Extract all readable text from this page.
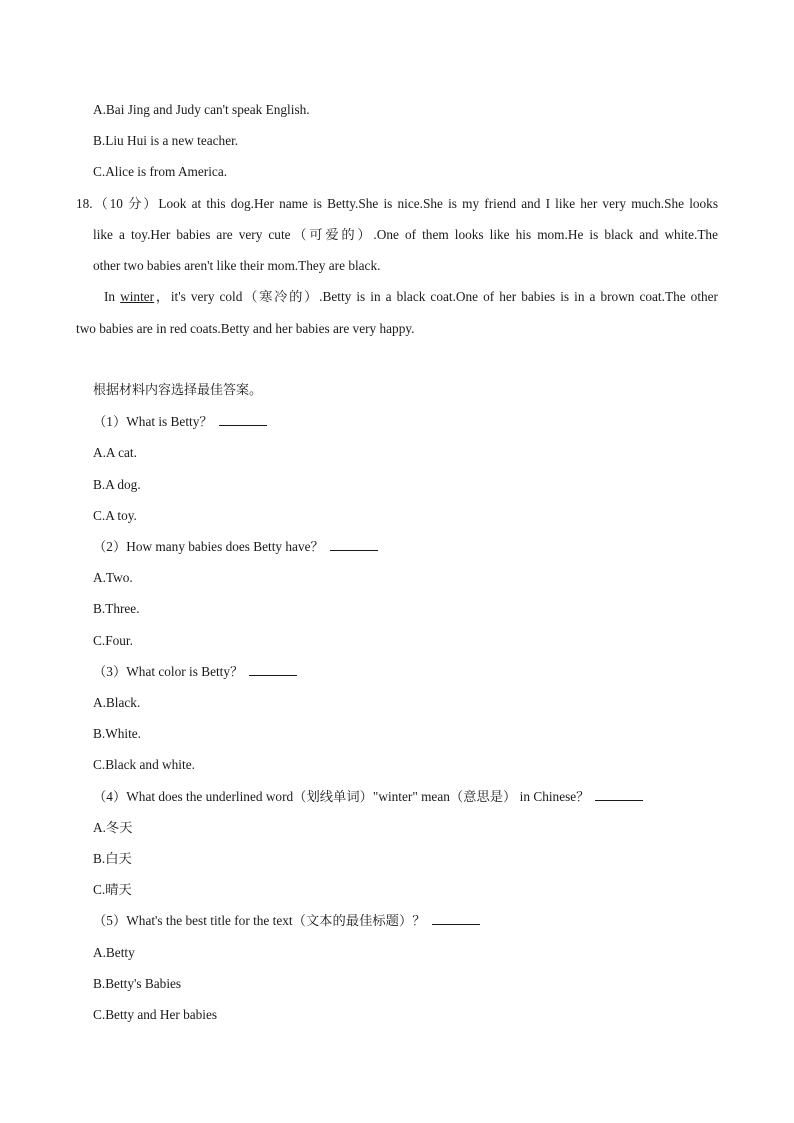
A.Bai Jing and Judy can't speak English.
B.Liu Hui is a new teacher.
C.Alice is from America.
18.（10 分）Look at this dog.Her name is Betty.She is nice.She is my friend and I like her very much.She looks
like a toy.Her babies are very cute（可爱的）.One of them looks like his mom.He is black and white.The
other two babies aren't like their mom.They are black.
In winter，it's very cold（寒冷的）.Betty is in a black coat.One of her babies is in a brown coat.The other
two babies are in red coats.Betty and her babies are very happy.
根据材料内容选择最佳答案。
（1）What is Betty？
A.A cat.
B.A dog.
C.A toy.
（2）How many babies does Betty have？
A.Two.
B.Three.
C.Four.
（3）What color is Betty？
A.Black.
B.White.
C.Black and white.
（4）What does the underlined word（划线单词）"winter" mean（意思是） in Chinese？
A.冬天
B.白天
C.晴天
（5）What's the best title for the text（文本的最佳标题）？
A.Betty
B.Betty's Babies
C.Betty and Her babies
